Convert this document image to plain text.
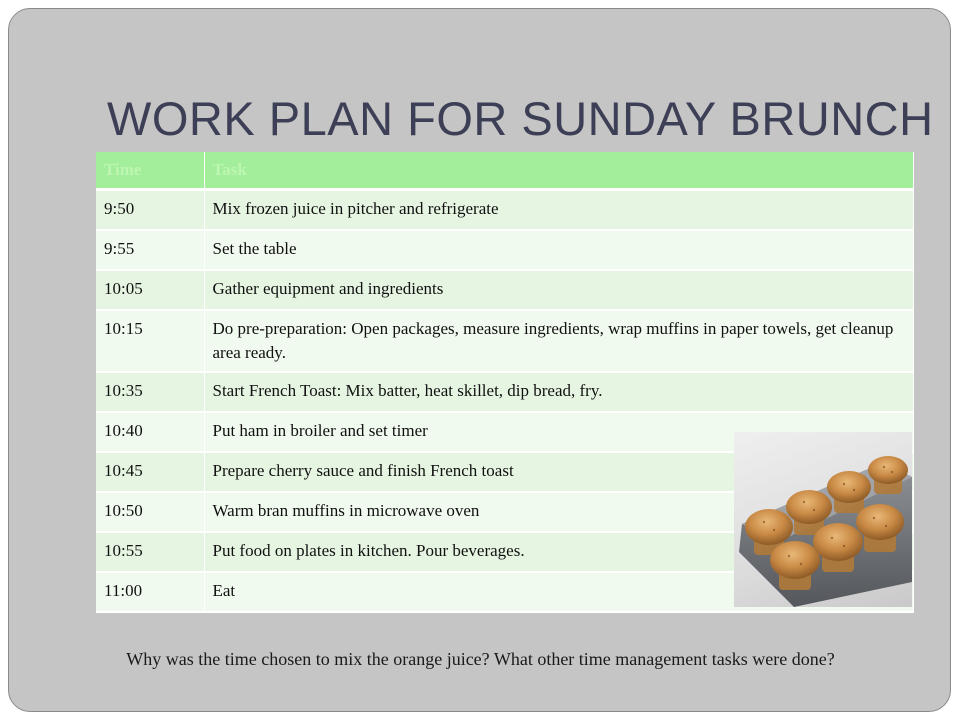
WORK PLAN FOR SUNDAY BRUNCH
Time	Task
9:50	Mix frozen juice in pitcher and refrigerate
9:55	Set the table
10:05	Gather equipment and ingredients
10:15	Do pre-preparation: Open packages, measure ingredients, wrap muffins in paper towels, get cleanup area ready.
10:35	Start French Toast: Mix batter, heat skillet, dip bread, fry.
10:40	Put ham in broiler and set timer
10:45	Prepare cherry sauce and finish French toast
10:50	Warm bran muffins in microwave oven
10:55	Put food on plates in kitchen. Pour beverages.
11:00	Eat
Why was the time chosen to mix the orange juice? What other time management tasks were done?
